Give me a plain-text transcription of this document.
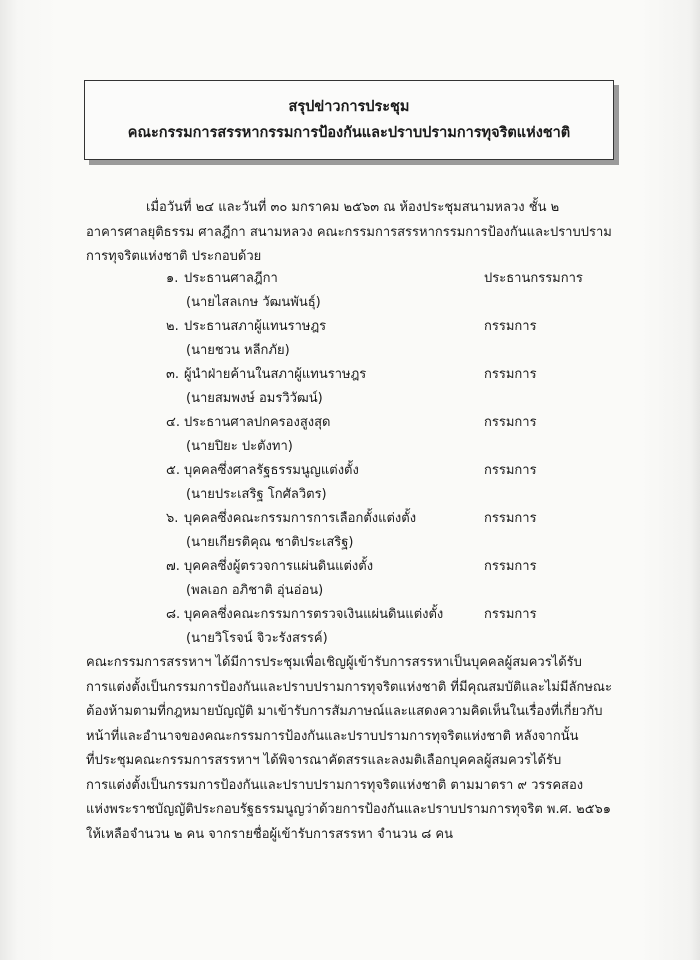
สรุปข่าวการประชุม
คณะกรรมการสรรหากรรมการป้องกันและปราบปรามการทุจริตแห่งชาติ
เมื่อวันที่ ๒๔ และวันที่ ๓๐ มกราคม ๒๕๖๓ ณ ห้องประชุมสนามหลวง ชั้น ๒
อาคารศาลยุติธรรม ศาลฎีกา สนามหลวง คณะกรรมการสรรหากรรมการป้องกันและปราบปราม
การทุจริตแห่งชาติ ประกอบด้วย
๑. ประธานศาลฎีกา	ประธานกรรมการ
(นายไสลเกษ วัฒนพันธุ์)
๒. ประธานสภาผู้แทนราษฎร	กรรมการ
(นายชวน หลีกภัย)
๓. ผู้นำฝ่ายค้านในสภาผู้แทนราษฎร	กรรมการ
(นายสมพงษ์ อมรวิวัฒน์)
๔. ประธานศาลปกครองสูงสุด	กรรมการ
(นายปิยะ ปะตังทา)
๕. บุคคลซึ่งศาลรัฐธรรมนูญแต่งตั้ง	กรรมการ
(นายประเสริฐ โกศัลวิตร)
๖. บุคคลซึ่งคณะกรรมการการเลือกตั้งแต่งตั้ง	กรรมการ
(นายเกียรติคุณ ชาติประเสริฐ)
๗. บุคคลซึ่งผู้ตรวจการแผ่นดินแต่งตั้ง	กรรมการ
(พลเอก อภิชาติ อุ่นอ่อน)
๘. บุคคลซึ่งคณะกรรมการตรวจเงินแผ่นดินแต่งตั้ง	กรรมการ
(นายวิโรจน์ จิวะรังสรรค์)
คณะกรรมการสรรหาฯ ได้มีการประชุมเพื่อเชิญผู้เข้ารับการสรรหาเป็นบุคคลผู้สมควรได้รับ
การแต่งตั้งเป็นกรรมการป้องกันและปราบปรามการทุจริตแห่งชาติ ที่มีคุณสมบัติและไม่มีลักษณะ
ต้องห้ามตามที่กฎหมายบัญญัติ มาเข้ารับการสัมภาษณ์และแสดงความคิดเห็นในเรื่องที่เกี่ยวกับ
หน้าที่และอำนาจของคณะกรรมการป้องกันและปราบปรามการทุจริตแห่งชาติ หลังจากนั้น
ที่ประชุมคณะกรรมการสรรหาฯ ได้พิจารณาคัดสรรและลงมติเลือกบุคคลผู้สมควรได้รับ
การแต่งตั้งเป็นกรรมการป้องกันและปราบปรามการทุจริตแห่งชาติ ตามมาตรา ๙ วรรคสอง
แห่งพระราชบัญญัติประกอบรัฐธรรมนูญว่าด้วยการป้องกันและปราบปรามการทุจริต พ.ศ. ๒๕๖๑
ให้เหลือจำนวน ๒ คน จากรายชื่อผู้เข้ารับการสรรหา จำนวน ๘ คน
